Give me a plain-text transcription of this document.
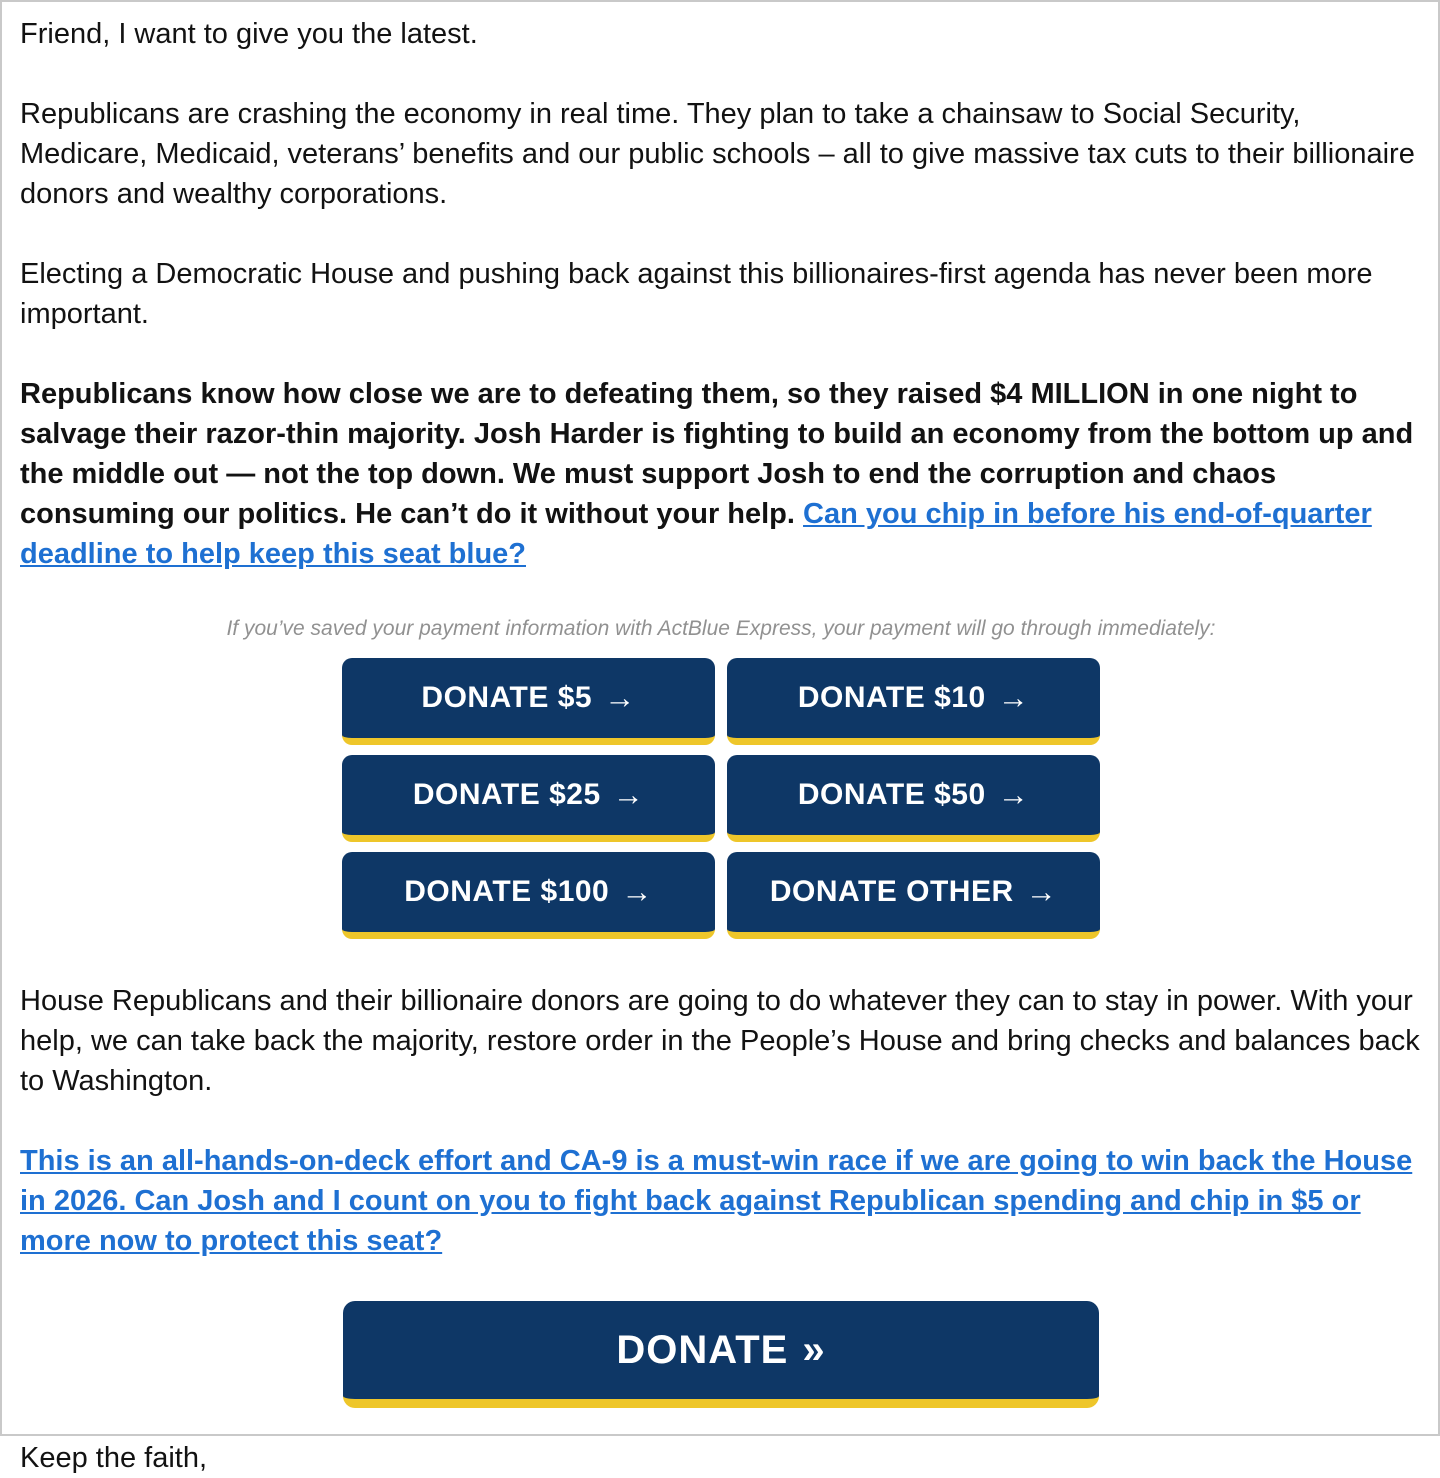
Friend, I want to give you the latest.

Republicans are crashing the economy in real time. They plan to take a chainsaw to Social Security, Medicare, Medicaid, veterans’ benefits and our public schools – all to give massive tax cuts to their billionaire donors and wealthy corporations.

Electing a Democratic House and pushing back against this billionaires-first agenda has never been more important.

Republicans know how close we are to defeating them, so they raised $4 MILLION in one night to salvage their razor-thin majority. Josh Harder is fighting to build an economy from the bottom up and the middle out — not the top down. We must support Josh to end the corruption and chaos consuming our politics. He can’t do it without your help. Can you chip in before his end-of-quarter deadline to help keep this seat blue?

If you’ve saved your payment information with ActBlue Express, your payment will go through immediately:

DONATE $5 →	DONATE $10 →
DONATE $25 →	DONATE $50 →
DONATE $100 →	DONATE OTHER →

House Republicans and their billionaire donors are going to do whatever they can to stay in power. With your help, we can take back the majority, restore order in the People’s House and bring checks and balances back to Washington.

This is an all-hands-on-deck effort and CA-9 is a must-win race if we are going to win back the House in 2026. Can Josh and I count on you to fight back against Republican spending and chip in $5 or more now to protect this seat?

DONATE »

Keep the faith,
